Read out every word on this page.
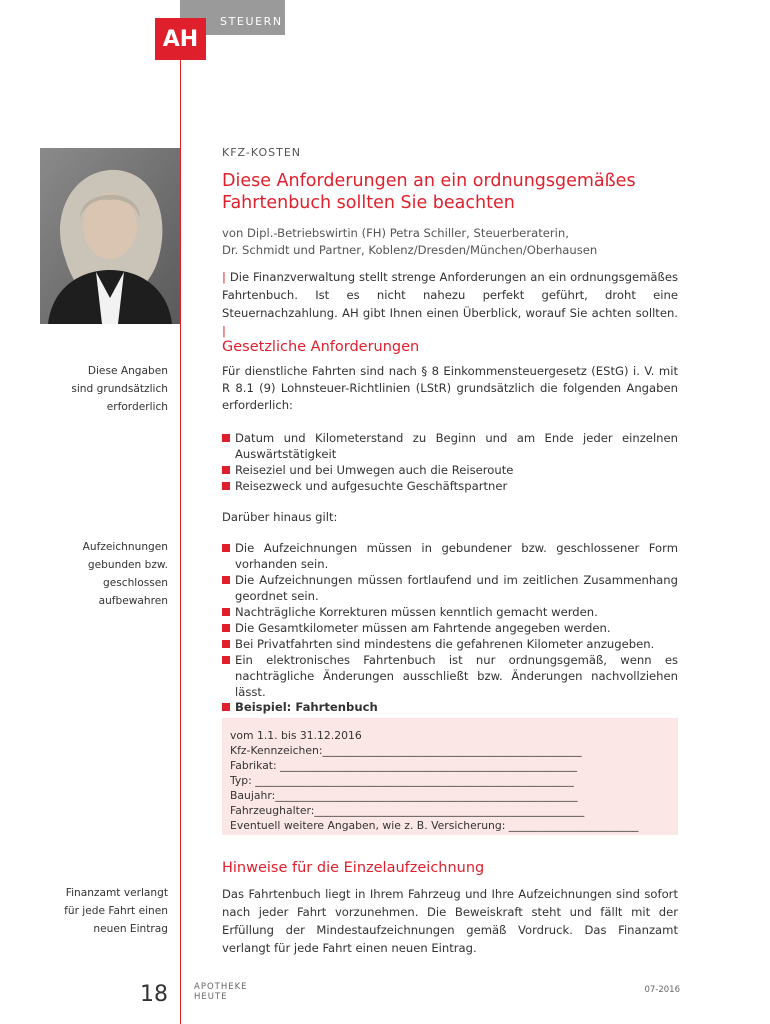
STEUERN
AH
KFZ-KOSTEN
Diese Anforderungen an ein ordnungsgemäßes Fahrtenbuch sollten Sie beachten
von Dipl.-Betriebswirtin (FH) Petra Schiller, Steuerberaterin,
Dr. Schmidt und Partner, Koblenz/Dresden/München/Oberhausen
| Die Finanzverwaltung stellt strenge Anforderungen an ein ordnungsgemäßes Fahrtenbuch. Ist es nicht nahezu perfekt geführt, droht eine Steuernachzahlung. AH gibt Ihnen einen Überblick, worauf Sie achten sollten. |
Gesetzliche Anforderungen
Für dienstliche Fahrten sind nach § 8 Einkommensteuergesetz (EStG) i. V. mit R 8.1 (9) Lohnsteuer-Richtlinien (LStR) grundsätzlich die folgenden Angaben erforderlich:
Diese Angaben
sind grundsätzlich
erforderlich
Datum und Kilometerstand zu Beginn und am Ende jeder einzelnen Auswärtstätigkeit
Reiseziel und bei Umwegen auch die Reiseroute
Reisezweck und aufgesuchte Geschäftspartner
Darüber hinaus gilt:
Aufzeichnungen
gebunden bzw.
geschlossen
aufbewahren
Die Aufzeichnungen müssen in gebundener bzw. geschlossener Form vorhanden sein.
Die Aufzeichnungen müssen fortlaufend und im zeitlichen Zusammenhang geordnet sein.
Nachträgliche Korrekturen müssen kenntlich gemacht werden.
Die Gesamtkilometer müssen am Fahrtende angegeben werden.
Bei Privatfahrten sind mindestens die gefahrenen Kilometer anzugeben.
Ein elektronisches Fahrtenbuch ist nur ordnungsgemäß, wenn es nachträgliche Änderungen ausschließt bzw. Änderungen nachvollziehen lässt.
Beispiel: Fahrtenbuch
vom 1.1. bis 31.12.2016
Kfz-Kennzeichen:________________________________________________
Fabrikat: _______________________________________________________
Typ: ___________________________________________________________
Baujahr:________________________________________________________
Fahrzeughalter:__________________________________________________
Eventuell weitere Angaben, wie z. B. Versicherung: ________________________
Hinweise für die Einzelaufzeichnung
Finanzamt verlangt
für jede Fahrt einen
neuen Eintrag
Das Fahrtenbuch liegt in Ihrem Fahrzeug und Ihre Aufzeichnungen sind sofort nach jeder Fahrt vorzunehmen. Die Beweiskraft steht und fällt mit der Erfüllung der Mindestaufzeichnungen gemäß Vordruck. Das Finanzamt verlangt für jede Fahrt einen neuen Eintrag.
18	APOTHEKE
HEUTE
07-2016
